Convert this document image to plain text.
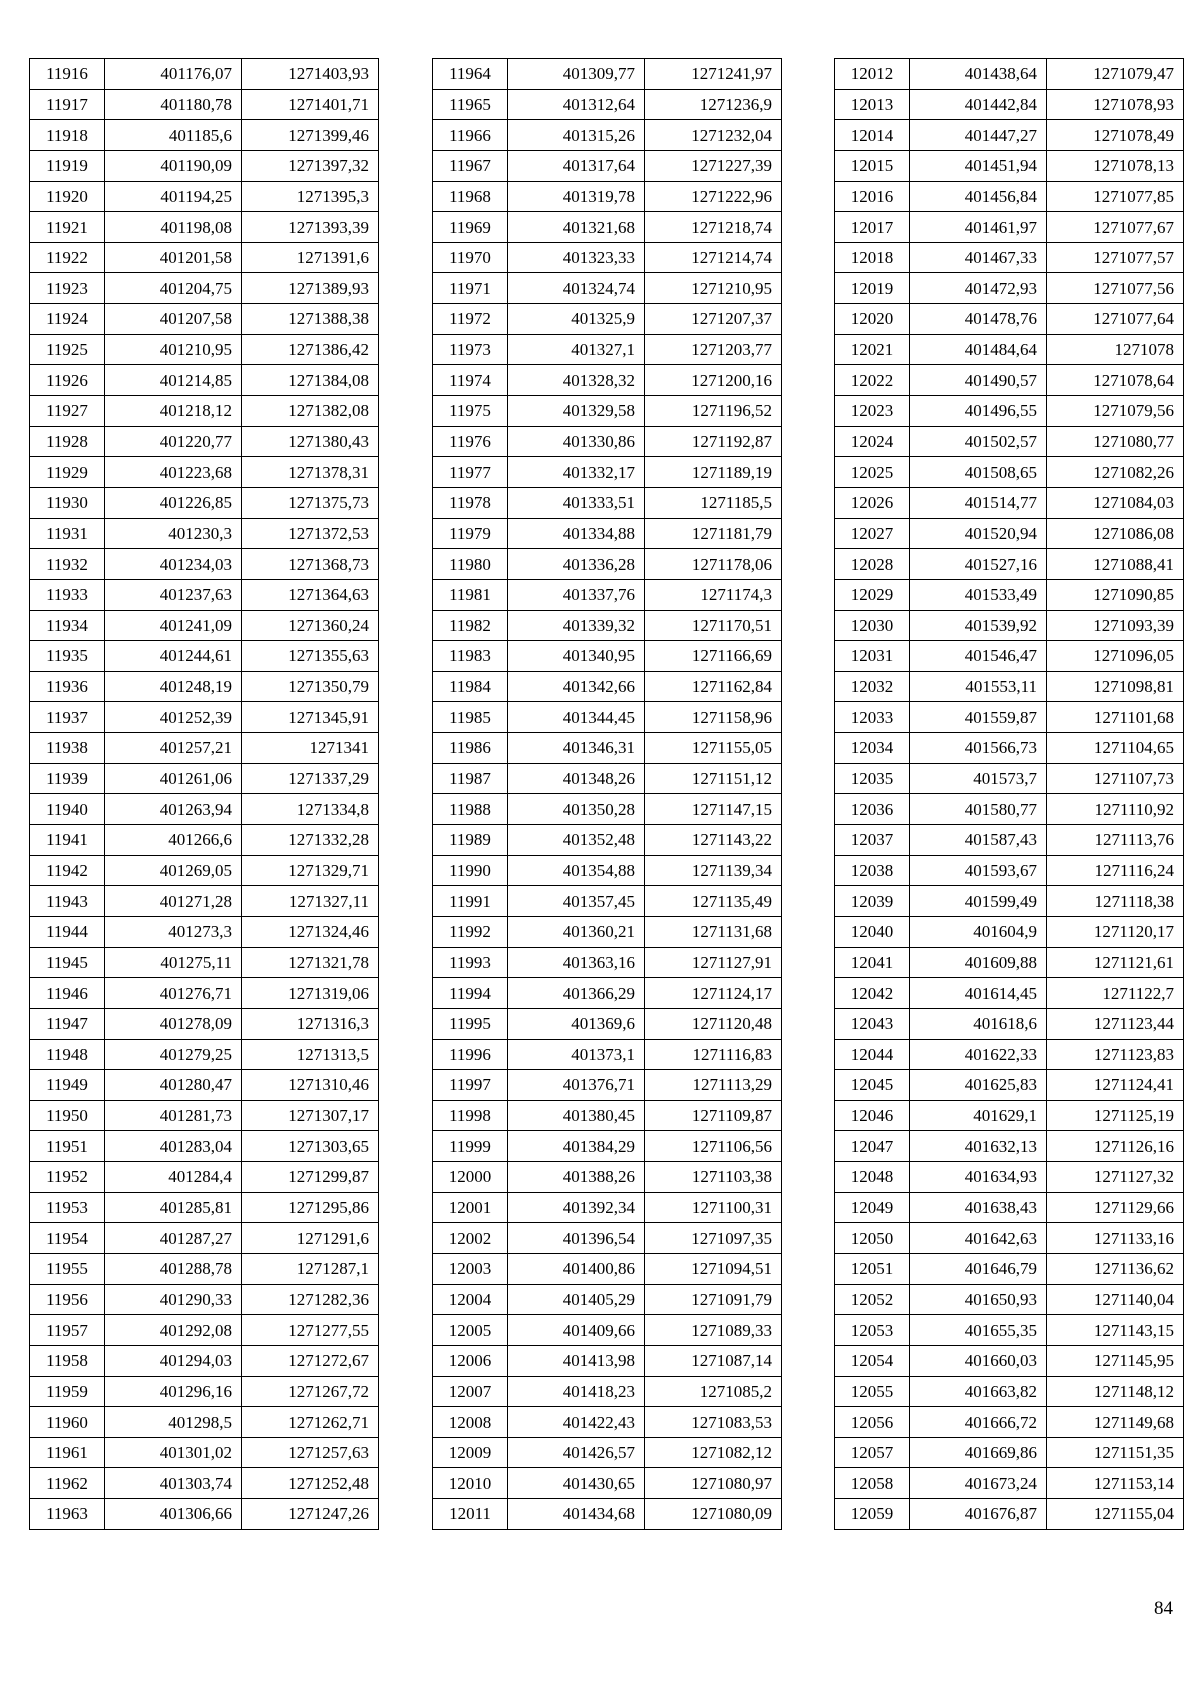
11916	401176,07	1271403,93
11917	401180,78	1271401,71
11918	401185,6	1271399,46
11919	401190,09	1271397,32
11920	401194,25	1271395,3
11921	401198,08	1271393,39
11922	401201,58	1271391,6
11923	401204,75	1271389,93
11924	401207,58	1271388,38
11925	401210,95	1271386,42
11926	401214,85	1271384,08
11927	401218,12	1271382,08
11928	401220,77	1271380,43
11929	401223,68	1271378,31
11930	401226,85	1271375,73
11931	401230,3	1271372,53
11932	401234,03	1271368,73
11933	401237,63	1271364,63
11934	401241,09	1271360,24
11935	401244,61	1271355,63
11936	401248,19	1271350,79
11937	401252,39	1271345,91
11938	401257,21	1271341
11939	401261,06	1271337,29
11940	401263,94	1271334,8
11941	401266,6	1271332,28
11942	401269,05	1271329,71
11943	401271,28	1271327,11
11944	401273,3	1271324,46
11945	401275,11	1271321,78
11946	401276,71	1271319,06
11947	401278,09	1271316,3
11948	401279,25	1271313,5
11949	401280,47	1271310,46
11950	401281,73	1271307,17
11951	401283,04	1271303,65
11952	401284,4	1271299,87
11953	401285,81	1271295,86
11954	401287,27	1271291,6
11955	401288,78	1271287,1
11956	401290,33	1271282,36
11957	401292,08	1271277,55
11958	401294,03	1271272,67
11959	401296,16	1271267,72
11960	401298,5	1271262,71
11961	401301,02	1271257,63
11962	401303,74	1271252,48
11963	401306,66	1271247,26
11964	401309,77	1271241,97
11965	401312,64	1271236,9
11966	401315,26	1271232,04
11967	401317,64	1271227,39
11968	401319,78	1271222,96
11969	401321,68	1271218,74
11970	401323,33	1271214,74
11971	401324,74	1271210,95
11972	401325,9	1271207,37
11973	401327,1	1271203,77
11974	401328,32	1271200,16
11975	401329,58	1271196,52
11976	401330,86	1271192,87
11977	401332,17	1271189,19
11978	401333,51	1271185,5
11979	401334,88	1271181,79
11980	401336,28	1271178,06
11981	401337,76	1271174,3
11982	401339,32	1271170,51
11983	401340,95	1271166,69
11984	401342,66	1271162,84
11985	401344,45	1271158,96
11986	401346,31	1271155,05
11987	401348,26	1271151,12
11988	401350,28	1271147,15
11989	401352,48	1271143,22
11990	401354,88	1271139,34
11991	401357,45	1271135,49
11992	401360,21	1271131,68
11993	401363,16	1271127,91
11994	401366,29	1271124,17
11995	401369,6	1271120,48
11996	401373,1	1271116,83
11997	401376,71	1271113,29
11998	401380,45	1271109,87
11999	401384,29	1271106,56
12000	401388,26	1271103,38
12001	401392,34	1271100,31
12002	401396,54	1271097,35
12003	401400,86	1271094,51
12004	401405,29	1271091,79
12005	401409,66	1271089,33
12006	401413,98	1271087,14
12007	401418,23	1271085,2
12008	401422,43	1271083,53
12009	401426,57	1271082,12
12010	401430,65	1271080,97
12011	401434,68	1271080,09
12012	401438,64	1271079,47
12013	401442,84	1271078,93
12014	401447,27	1271078,49
12015	401451,94	1271078,13
12016	401456,84	1271077,85
12017	401461,97	1271077,67
12018	401467,33	1271077,57
12019	401472,93	1271077,56
12020	401478,76	1271077,64
12021	401484,64	1271078
12022	401490,57	1271078,64
12023	401496,55	1271079,56
12024	401502,57	1271080,77
12025	401508,65	1271082,26
12026	401514,77	1271084,03
12027	401520,94	1271086,08
12028	401527,16	1271088,41
12029	401533,49	1271090,85
12030	401539,92	1271093,39
12031	401546,47	1271096,05
12032	401553,11	1271098,81
12033	401559,87	1271101,68
12034	401566,73	1271104,65
12035	401573,7	1271107,73
12036	401580,77	1271110,92
12037	401587,43	1271113,76
12038	401593,67	1271116,24
12039	401599,49	1271118,38
12040	401604,9	1271120,17
12041	401609,88	1271121,61
12042	401614,45	1271122,7
12043	401618,6	1271123,44
12044	401622,33	1271123,83
12045	401625,83	1271124,41
12046	401629,1	1271125,19
12047	401632,13	1271126,16
12048	401634,93	1271127,32
12049	401638,43	1271129,66
12050	401642,63	1271133,16
12051	401646,79	1271136,62
12052	401650,93	1271140,04
12053	401655,35	1271143,15
12054	401660,03	1271145,95
12055	401663,82	1271148,12
12056	401666,72	1271149,68
12057	401669,86	1271151,35
12058	401673,24	1271153,14
12059	401676,87	1271155,04
84
